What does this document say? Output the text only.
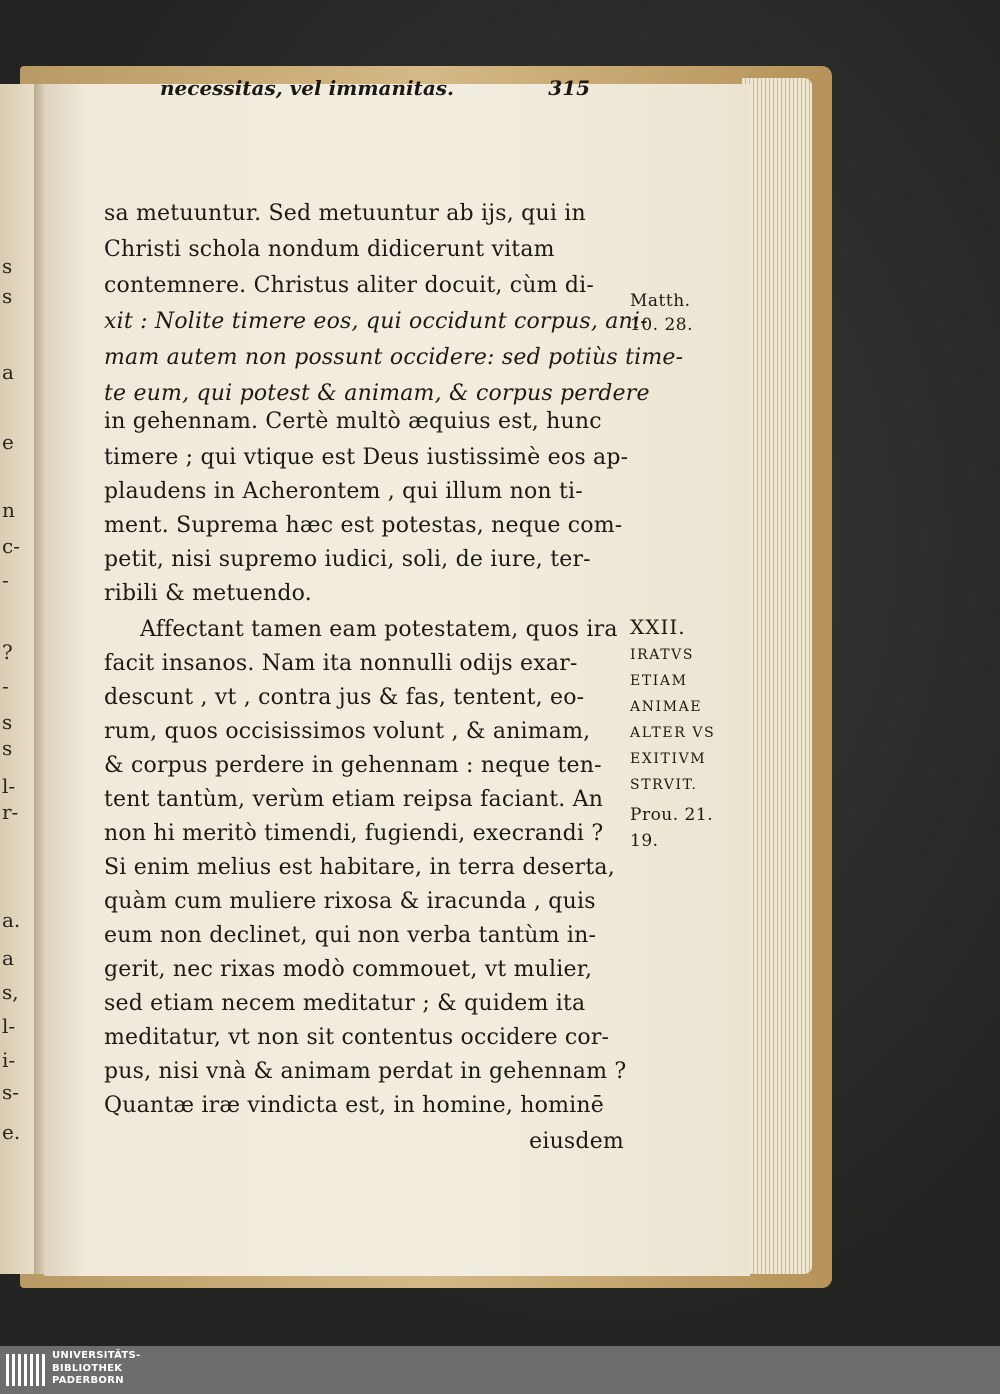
s
s
a
e
n
c-
-
?
-
s
s
l-
r-
a.
a
s,
l-
i-
s-
e.
necessitas, vel immanitas.	315
sa metuuntur. Sed metuuntur ab ijs, qui in
Christi schola nondum didicerunt vitam
contemnere. Christus aliter docuit, cùm di-
xit : Nolite timere eos, qui occidunt corpus, ani-
mam autem non possunt occidere: sed potiùs time-
te eum, qui potest & animam, & corpus perdere
in gehennam. Certè multò æquius est, hunc
timere ; qui vtique est Deus iustissimè eos ap-
plaudens in Acherontem , qui illum non ti-
ment. Suprema hæc est potestas, neque com-
petit, nisi supremo iudici, soli, de iure, ter-
ribili & metuendo.
Affectant tamen eam potestatem, quos ira
facit insanos. Nam ita nonnulli odijs exar-
descunt , vt , contra jus & fas, tentent, eo-
rum, quos occisissimos volunt , & animam,
& corpus perdere in gehennam : neque ten-
tent tantùm, verùm etiam reipsa faciant. An
non hi meritò timendi, fugiendi, execrandi ?
Si enim melius est habitare, in terra deserta,
quàm cum muliere rixosa & iracunda , quis
eum non declinet, qui non verba tantùm in-
gerit, nec rixas modò commouet, vt mulier,
sed etiam necem meditatur ; & quidem ita
meditatur, vt non sit contentus occidere cor-
pus, nisi vnà & animam perdat in gehennam ?
Quantæ iræ vindicta est, in homine, hominē
eiusdem
Matth.
10. 28.
XXII.
IRATVS
ETIAM
ANIMAE
ALTER VS
EXITIVM
STRVIT.
Prou. 21.
19.
UNIVERSITÄTS-
BIBLIOTHEK
PADERBORN
